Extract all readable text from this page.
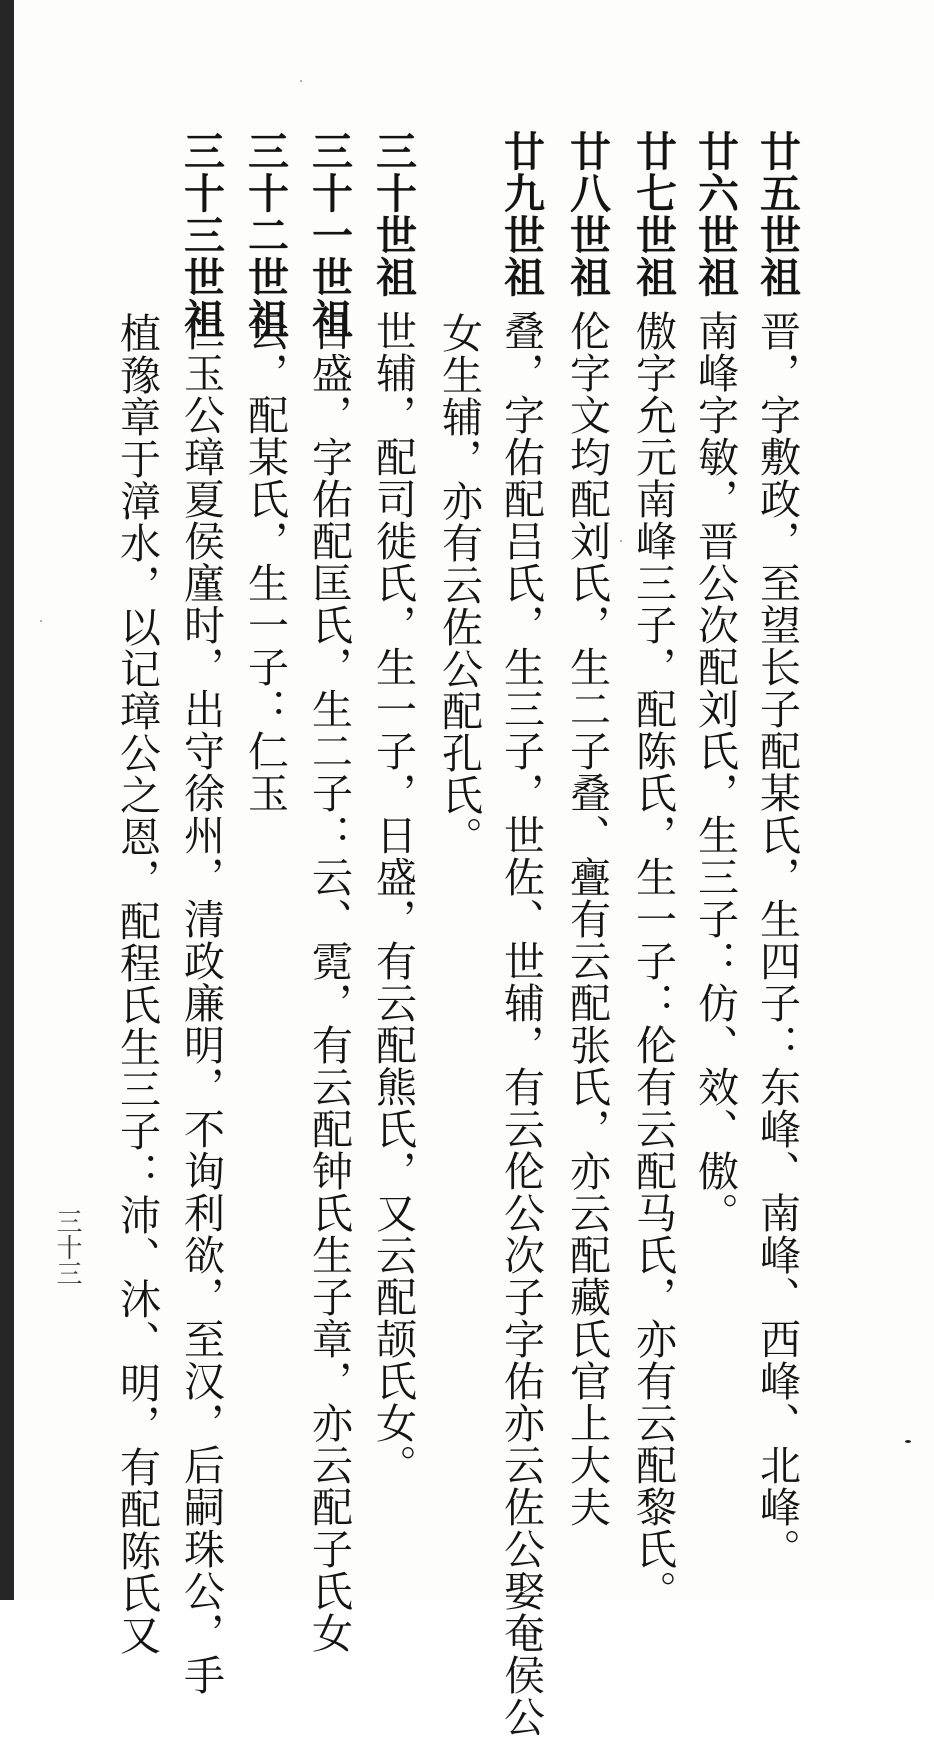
廿五世祖晋，字敷政，至望长子配某氏，生四子：东峰、南峰、西峰、北峰。
廿六世祖南峰字敏，晋公次配刘氏，生三子：仿、效、傲。
廿七世祖傲字允元南峰三子，配陈氏，生一子：伦有云配马氏，亦有云配黎氏。
廿八世祖伦字文均配刘氏，生二子叠、亹有云配张氏，亦云配藏氏官上大夫
廿九世祖叠，字佑配吕氏，生三子，世佐、世辅，有云伦公次子字佑亦云佐公娶奄侯公
女生辅，亦有云佐公配孔氏。
三十世祖世辅，配司徙氏，生一子，日盛，有云配熊氏，又云配颉氏女。
三十一世祖日盛，字佑配匡氏，生二子：云、霓，有云配钟氏生子章，亦云配子氏女
三十二世祖云，配某氏，生一子：仁玉
三十三世祖仁玉公璋夏侯廑时，出守徐州，清政廉明，不询利欲，至汉，后嗣珠公，手
植豫章于漳水，以记璋公之恩，配程氏生三子：沛、沐、明，有配陈氏又
三十三
